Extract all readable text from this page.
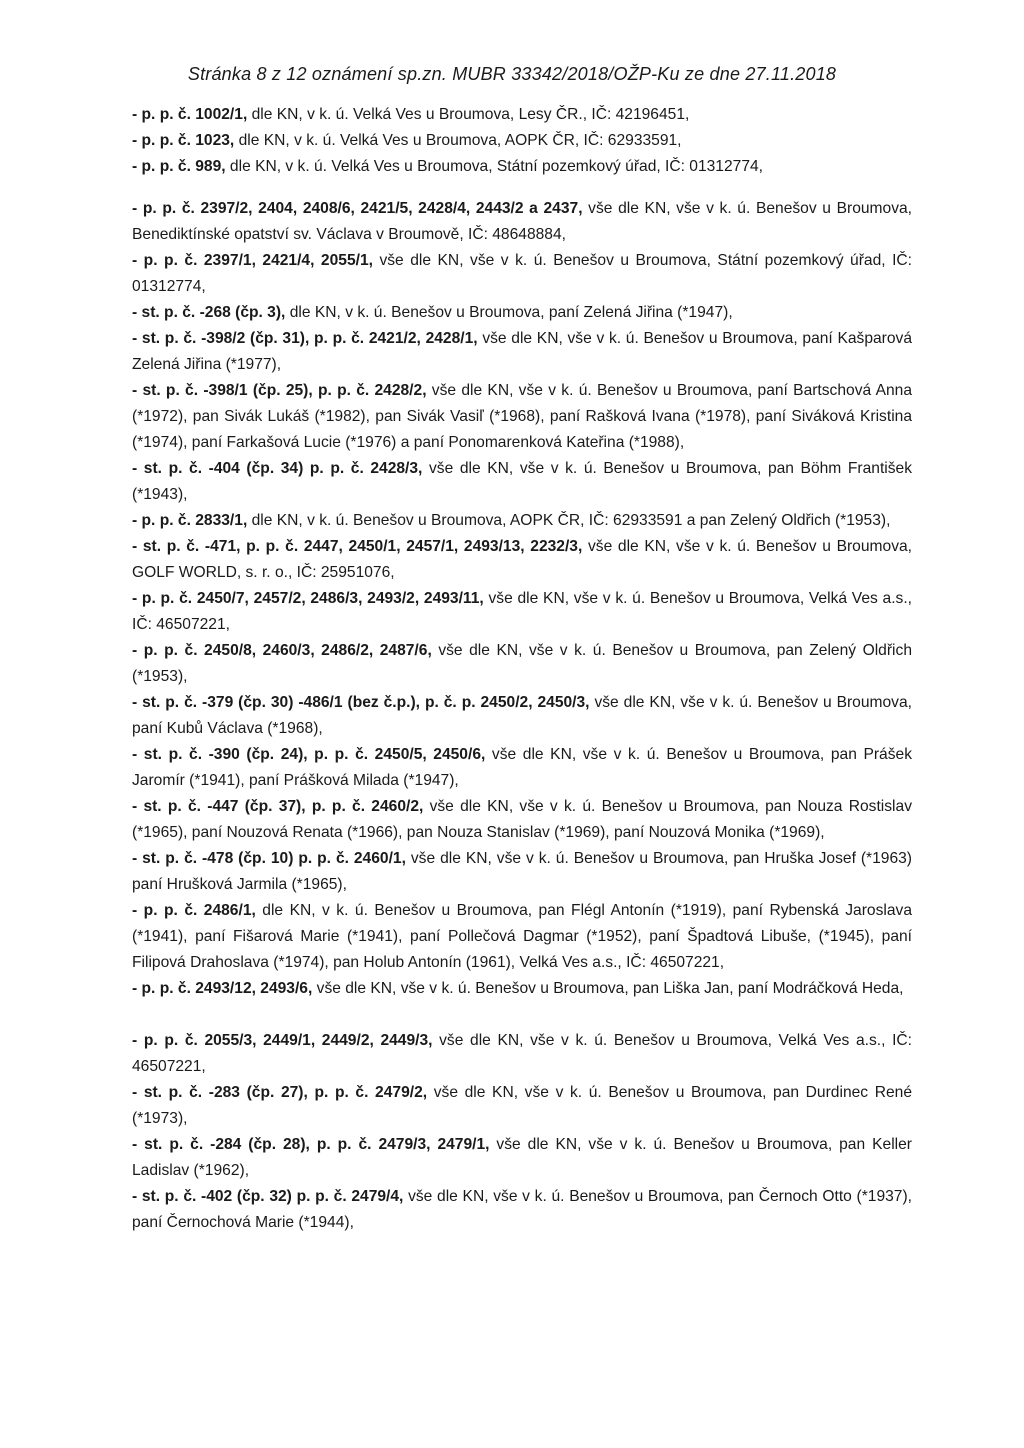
Stránka 8 z 12 oznámení sp.zn. MUBR 33342/2018/OŽP-Ku ze dne 27.11.2018

- p. p. č. 1002/1, dle KN, v k. ú. Velká Ves u Broumova, Lesy ČR., IČ: 42196451,

- p. p. č. 1023, dle KN, v k. ú. Velká Ves u Broumova, AOPK ČR, IČ: 62933591,

- p. p. č. 989, dle KN, v k. ú. Velká Ves u Broumova, Státní pozemkový úřad, IČ: 01312774,

- p. p. č. 2397/2, 2404, 2408/6, 2421/5, 2428/4, 2443/2 a 2437, vše dle KN, vše v k. ú. Benešov u Broumova, Benediktínské opatství sv. Václava v Broumově, IČ: 48648884,

- p. p. č. 2397/1, 2421/4, 2055/1, vše dle KN, vše v k. ú. Benešov u Broumova, Státní pozemkový úřad, IČ: 01312774,

- st. p. č. -268 (čp. 3), dle KN, v k. ú. Benešov u Broumova, paní Zelená Jiřina (*1947),

- st. p. č. -398/2 (čp. 31), p. p. č. 2421/2, 2428/1, vše dle KN, vše v k. ú. Benešov u Broumova, paní Kašparová Zelená Jiřina (*1977),

- st. p. č. -398/1 (čp. 25), p. p. č. 2428/2, vše dle KN, vše v k. ú. Benešov u Broumova, paní Bartschová Anna (*1972), pan Sivák Lukáš (*1982), pan Sivák Vasiľ (*1968), paní Rašková Ivana (*1978), paní Siváková Kristina (*1974), paní Farkašová Lucie (*1976) a paní Ponomarenková Kateřina (*1988),

- st. p. č. -404 (čp. 34) p. p. č. 2428/3, vše dle KN, vše v k. ú. Benešov u Broumova, pan Böhm František (*1943),

- p. p. č. 2833/1, dle KN, v k. ú. Benešov u Broumova, AOPK ČR, IČ: 62933591 a pan Zelený Oldřich (*1953),

- st. p. č. -471, p. p. č. 2447, 2450/1, 2457/1, 2493/13, 2232/3, vše dle KN, vše v k. ú. Benešov u Broumova, GOLF WORLD, s. r. o., IČ: 25951076,

- p. p. č. 2450/7, 2457/2, 2486/3, 2493/2, 2493/11, vše dle KN, vše v k. ú. Benešov u Broumova, Velká Ves a.s., IČ: 46507221,

- p. p. č. 2450/8, 2460/3, 2486/2, 2487/6, vše dle KN, vše v k. ú. Benešov u Broumova, pan Zelený Oldřich (*1953),

- st. p. č. -379 (čp. 30) -486/1 (bez č.p.), p. č. p. 2450/2, 2450/3, vše dle KN, vše v k. ú. Benešov u Broumova, paní Kubů Václava (*1968),

- st. p. č. -390 (čp. 24), p. p. č. 2450/5, 2450/6, vše dle KN, vše v k. ú. Benešov u Broumova, pan Prášek Jaromír (*1941), paní Prášková Milada (*1947),

- st. p. č. -447 (čp. 37), p. p. č. 2460/2, vše dle KN, vše v k. ú. Benešov u Broumova, pan Nouza Rostislav (*1965), paní Nouzová Renata (*1966), pan Nouza Stanislav (*1969), paní Nouzová Monika (*1969),

- st. p. č. -478 (čp. 10) p. p. č. 2460/1, vše dle KN, vše v k. ú. Benešov u Broumova, pan Hruška Josef (*1963) paní Hrušková Jarmila (*1965),

- p. p. č. 2486/1, dle KN, v k. ú. Benešov u Broumova, pan Flégl Antonín (*1919), paní Rybenská Jaroslava (*1941), paní Fišarová Marie (*1941), paní Pollečová Dagmar (*1952), paní Špadtová Libuše, (*1945), paní Filipová Drahoslava (*1974), pan Holub Antonín (1961), Velká Ves a.s., IČ: 46507221,

- p. p. č. 2493/12, 2493/6, vše dle KN, vše v k. ú. Benešov u Broumova, pan Liška Jan, paní Modráčková Heda,

- p. p. č. 2055/3, 2449/1, 2449/2, 2449/3, vše dle KN, vše v k. ú. Benešov u Broumova, Velká Ves a.s., IČ: 46507221,

- st. p. č. -283 (čp. 27), p. p. č. 2479/2, vše dle KN, vše v k. ú. Benešov u Broumova, pan Durdinec René (*1973),

- st. p. č. -284 (čp. 28), p. p. č. 2479/3, 2479/1, vše dle KN, vše v k. ú. Benešov u Broumova, pan Keller Ladislav (*1962),

- st. p. č. -402 (čp. 32) p. p. č. 2479/4, vše dle KN, vše v k. ú. Benešov u Broumova, pan Černoch Otto (*1937), paní Černochová Marie (*1944),
